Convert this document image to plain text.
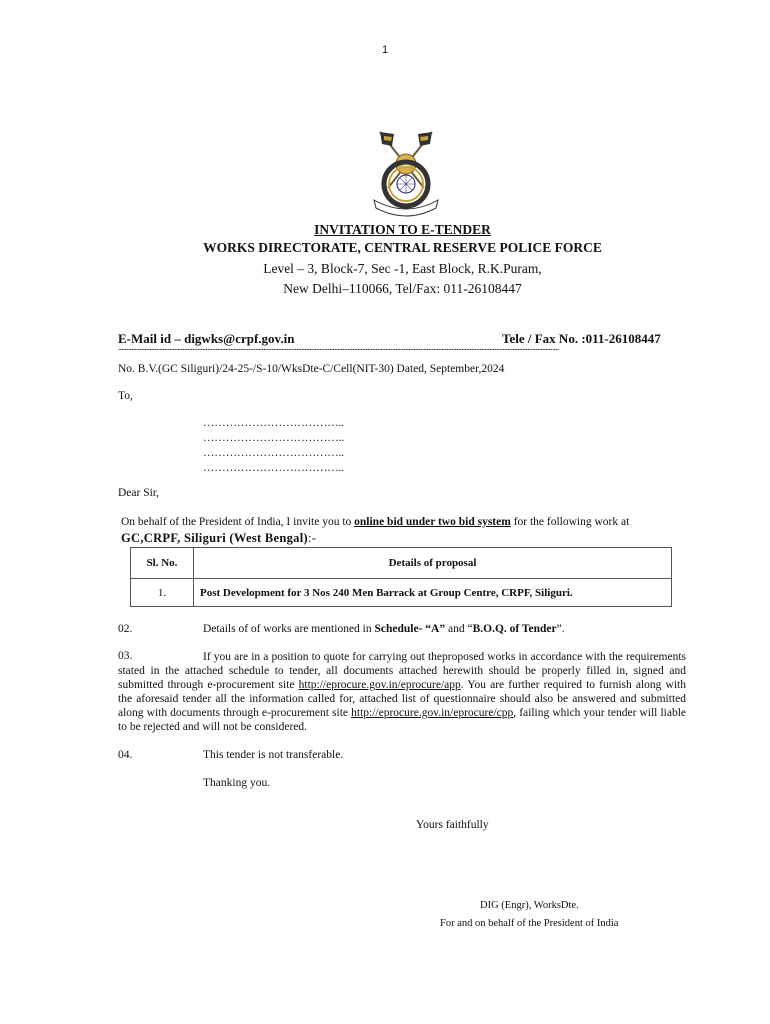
1
INVITATION TO E-TENDER
WORKS DIRECTORATE, CENTRAL RESERVE POLICE FORCE
Level – 3, Block-7, Sec -1, East Block, R.K.Puram,
New Delhi–110066, Tel/Fax: 011-26108447
E-Mail id – digwks@crpf.gov.in	Tele / Fax No. :011-26108447
...........................................................................................................................................................................................................................................................................
No. B.V.(GC Siliguri)/24-25-/S-10/WksDte-C/Cell(NIT-30) Dated, September,2024
To,
………………………………..
………………………………..
………………………………..
………………………………..
Dear Sir,
On behalf of the President of India, I invite you to online bid under two bid system for the following work at
GC,CRPF, Siliguri (West Bengal):-
Sl. No.	Details of proposal
1.	Post Development for 3 Nos 240 Men Barrack at Group Centre, CRPF, Siliguri.
02.	Details of of works are mentioned in Schedule- “A” and “B.O.Q. of Tender”.
03.	If you are in a position to quote for carrying out theproposed works in accordance with the requirements stated in the attached schedule to tender, all documents attached herewith should be properly filled in, signed and submitted through e-procurement site http://eprocure.gov.in/eprocure/app. You are further required to furnish along with the aforesaid tender all the information called for, attached list of questionnaire should also be answered and submitted along with documents through e-procurement site http://eprocure.gov.in/eprocure/cpp, failing which your tender will liable to be rejected and will not be considered.
04.	This tender is not transferable.
Thanking you.
Yours faithfully
DIG (Engr), WorksDte.
For and on behalf of the President of India
